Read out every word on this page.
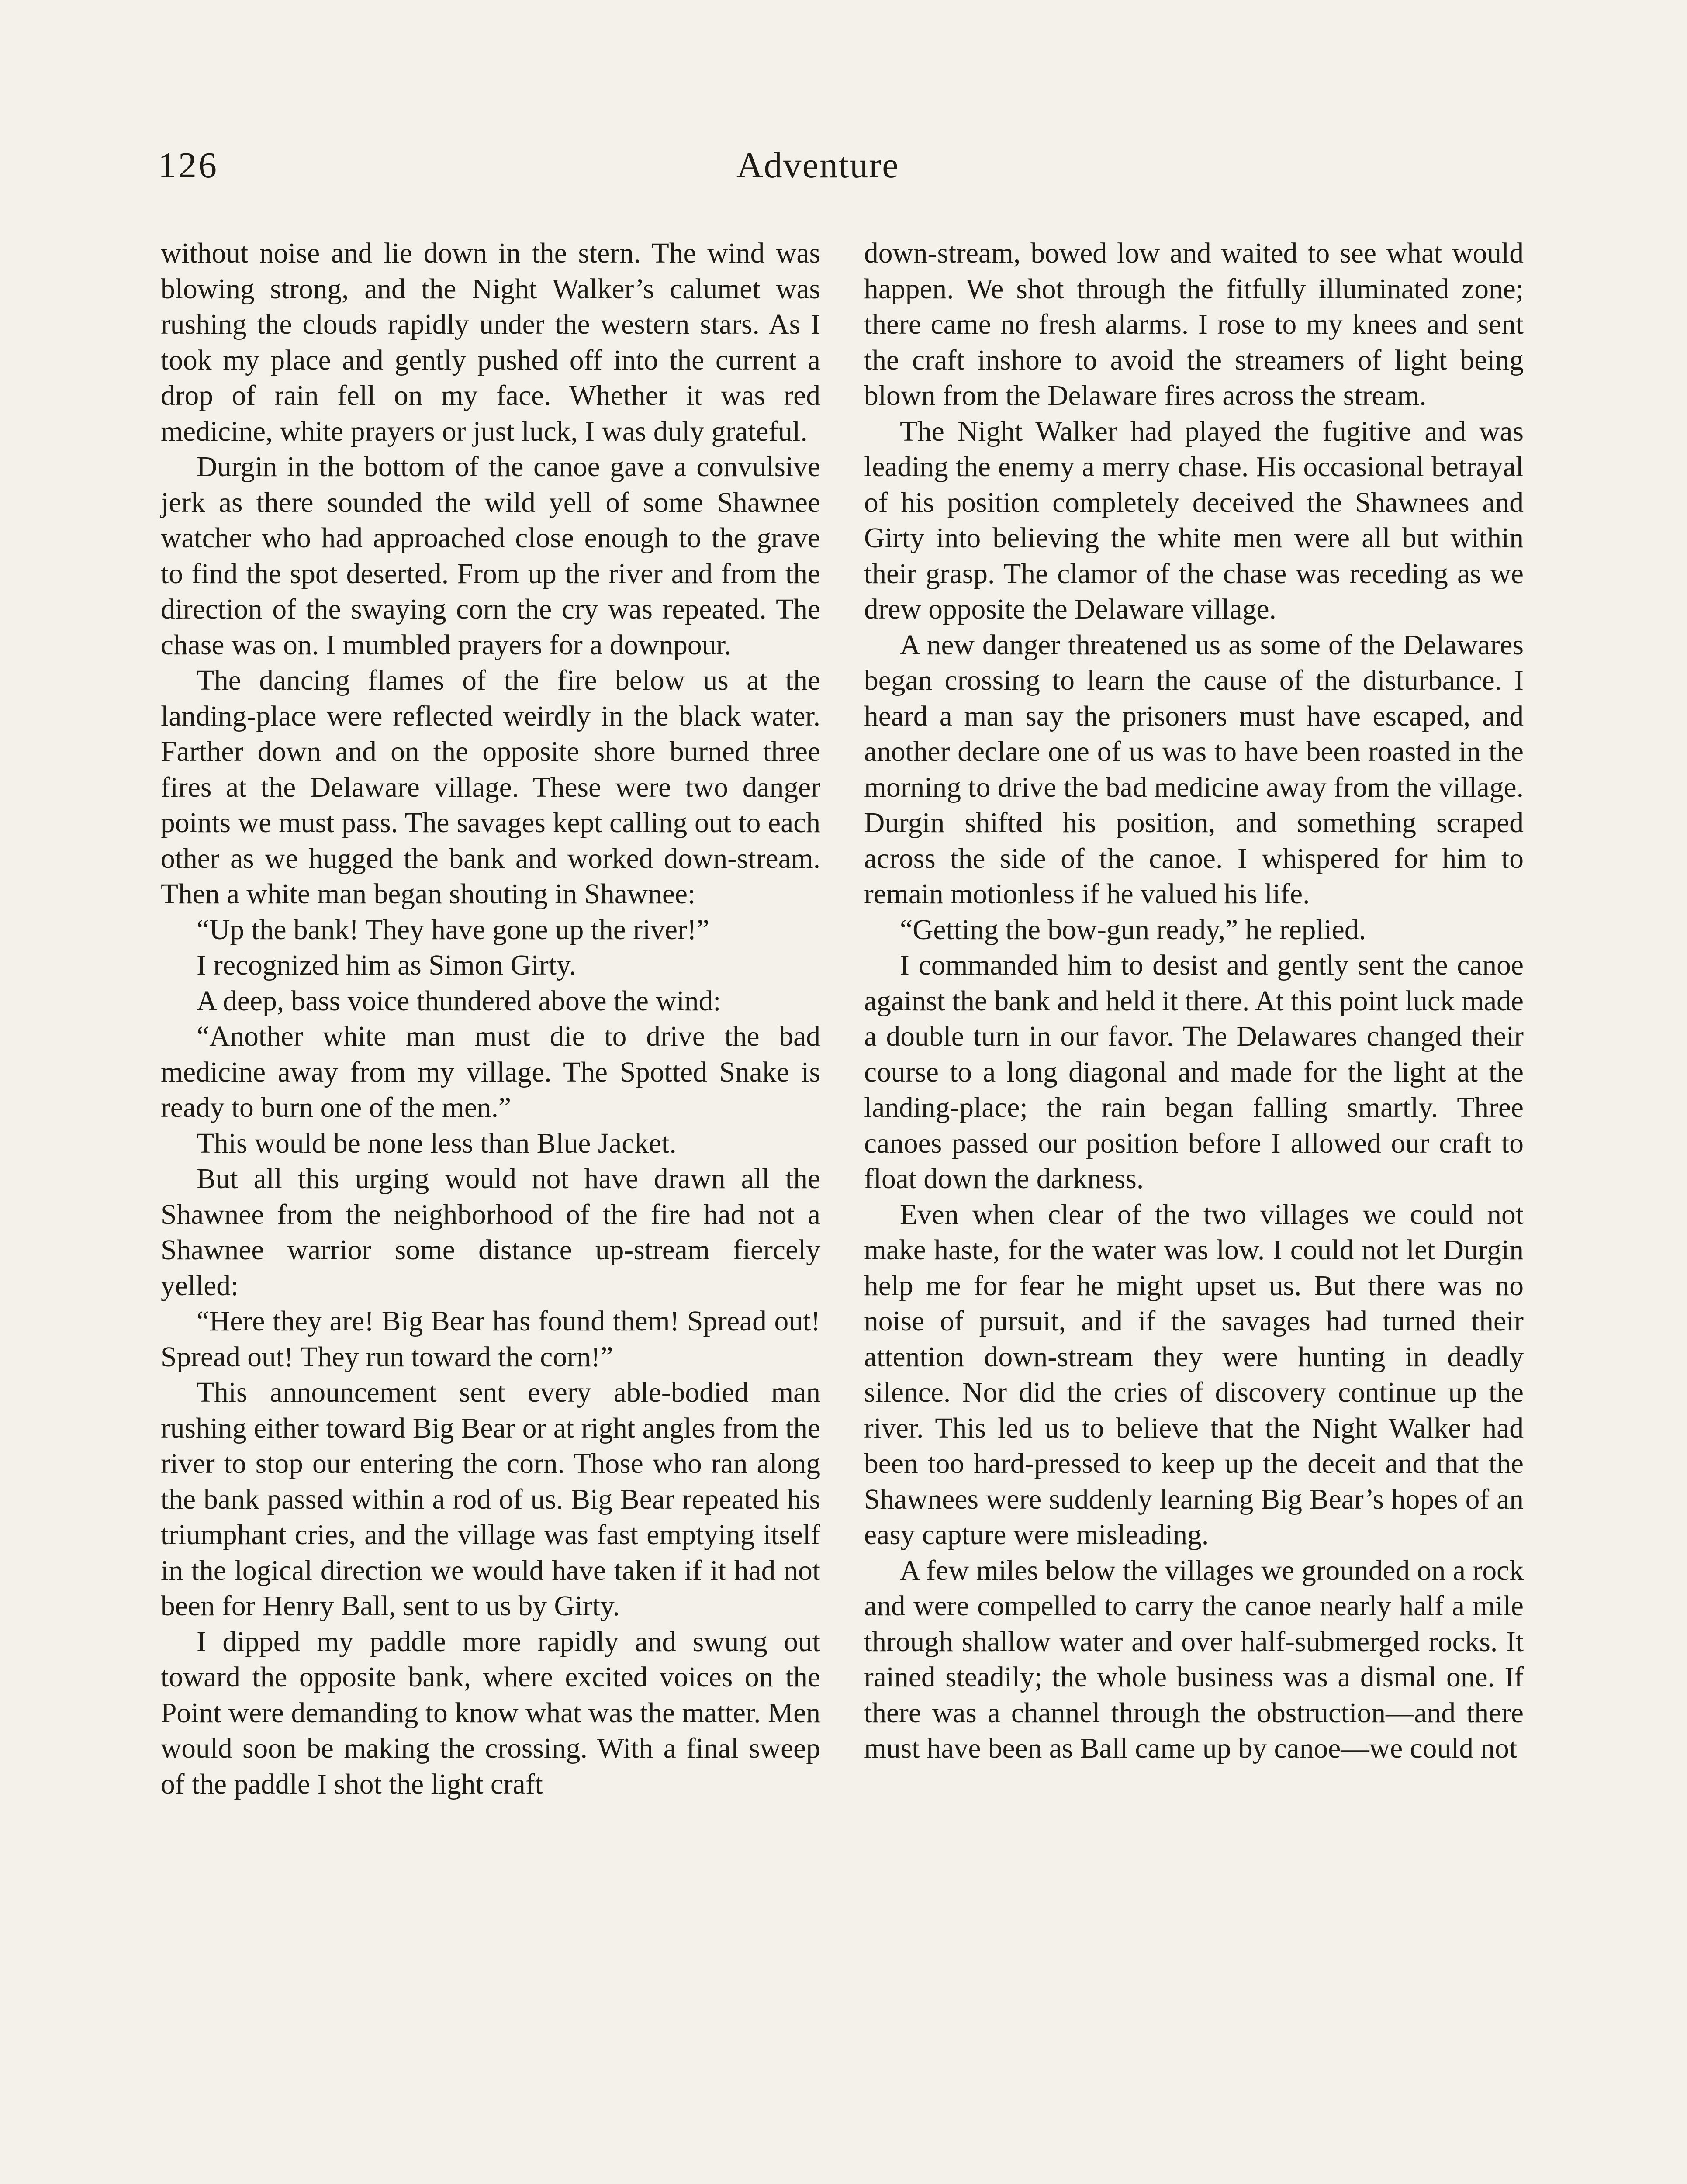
126	Adventure

without noise and lie down in the stern. The wind was blowing strong, and the Night Walker’s calumet was rushing the clouds rapidly under the western stars. As I took my place and gently pushed off into the current a drop of rain fell on my face. Whether it was red medicine, white prayers or just luck, I was duly grateful.

Durgin in the bottom of the canoe gave a convulsive jerk as there sounded the wild yell of some Shawnee watcher who had approached close enough to the grave to find the spot deserted. From up the river and from the direction of the swaying corn the cry was repeated. The chase was on. I mumbled prayers for a downpour.

The dancing flames of the fire below us at the landing-place were reflected weirdly in the black water. Farther down and on the opposite shore burned three fires at the Delaware village. These were two danger points we must pass. The savages kept calling out to each other as we hugged the bank and worked down-stream. Then a white man began shouting in Shawnee:

“Up the bank! They have gone up the river!”

I recognized him as Simon Girty.

A deep, bass voice thundered above the wind:

“Another white man must die to drive the bad medicine away from my village. The Spotted Snake is ready to burn one of the men.”

This would be none less than Blue Jacket.

But all this urging would not have drawn all the Shawnee from the neighborhood of the fire had not a Shawnee warrior some distance up-stream fiercely yelled:

“Here they are! Big Bear has found them! Spread out! Spread out! They run toward the corn!”

This announcement sent every able-bodied man rushing either toward Big Bear or at right angles from the river to stop our entering the corn. Those who ran along the bank passed within a rod of us. Big Bear repeated his triumphant cries, and the village was fast emptying itself in the logical direction we would have taken if it had not been for Henry Ball, sent to us by Girty.

I dipped my paddle more rapidly and swung out toward the opposite bank, where excited voices on the Point were demanding to know what was the matter. Men would soon be making the crossing. With a final sweep of the paddle I shot the light craft

down-stream, bowed low and waited to see what would happen. We shot through the fitfully illuminated zone; there came no fresh alarms. I rose to my knees and sent the craft inshore to avoid the streamers of light being blown from the Delaware fires across the stream.

The Night Walker had played the fugitive and was leading the enemy a merry chase. His occasional betrayal of his position completely deceived the Shawnees and Girty into believing the white men were all but within their grasp. The clamor of the chase was receding as we drew opposite the Delaware village.

A new danger threatened us as some of the Delawares began crossing to learn the cause of the disturbance. I heard a man say the prisoners must have escaped, and another declare one of us was to have been roasted in the morning to drive the bad medicine away from the village. Durgin shifted his position, and something scraped across the side of the canoe. I whispered for him to remain motionless if he valued his life.

“Getting the bow-gun ready,” he replied.

I commanded him to desist and gently sent the canoe against the bank and held it there. At this point luck made a double turn in our favor. The Delawares changed their course to a long diagonal and made for the light at the landing-place; the rain began falling smartly. Three canoes passed our position before I allowed our craft to float down the darkness.

Even when clear of the two villages we could not make haste, for the water was low. I could not let Durgin help me for fear he might upset us. But there was no noise of pursuit, and if the savages had turned their attention down-stream they were hunting in deadly silence. Nor did the cries of discovery continue up the river. This led us to believe that the Night Walker had been too hard-pressed to keep up the deceit and that the Shawnees were suddenly learning Big Bear’s hopes of an easy capture were misleading.

A few miles below the villages we grounded on a rock and were compelled to carry the canoe nearly half a mile through shallow water and over half-submerged rocks. It rained steadily; the whole business was a dismal one. If there was a channel through the obstruction—and there must have been as Ball came up by canoe—we could not
